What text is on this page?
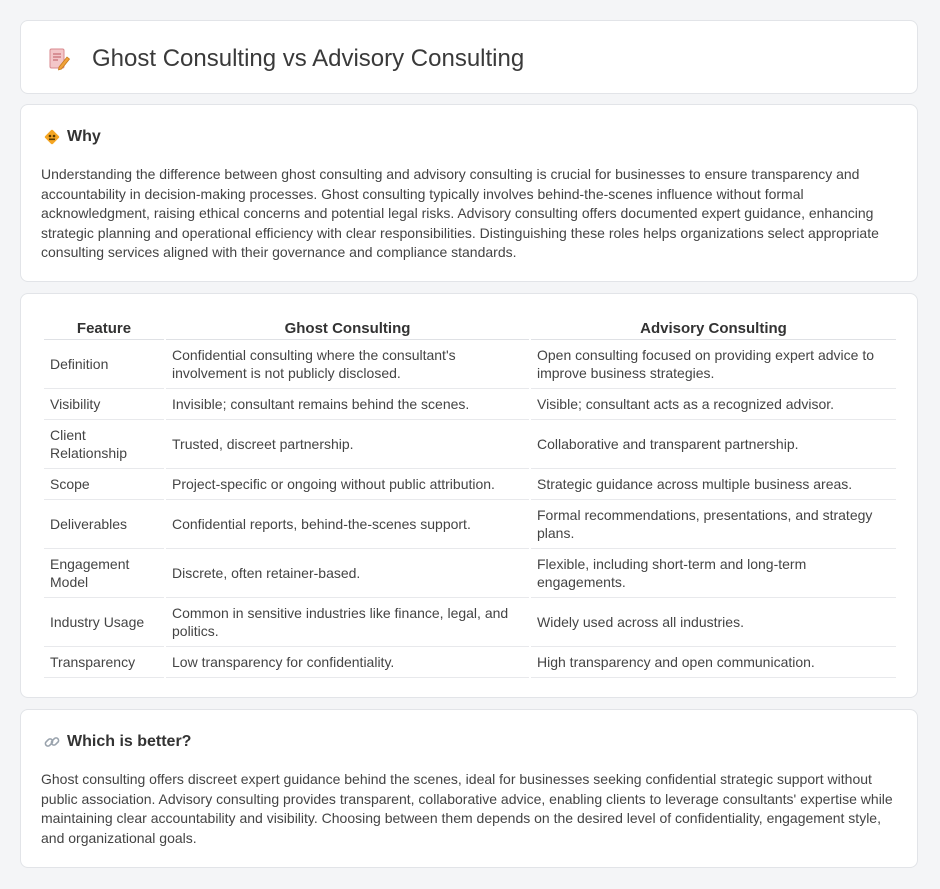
Ghost Consulting vs Advisory Consulting
Why

Understanding the difference between ghost consulting and advisory consulting is crucial for businesses to ensure transparency and accountability in decision-making processes. Ghost consulting typically involves behind-the-scenes influence without formal acknowledgment, raising ethical concerns and potential legal risks. Advisory consulting offers documented expert guidance, enhancing strategic planning and operational efficiency with clear responsibilities. Distinguishing these roles helps organizations select appropriate consulting services aligned with their governance and compliance standards.

Feature	Ghost Consulting	Advisory Consulting
Definition	Confidential consulting where the consultant's involvement is not publicly disclosed.	Open consulting focused on providing expert advice to improve business strategies.
Visibility	Invisible; consultant remains behind the scenes.	Visible; consultant acts as a recognized advisor.
Client Relationship	Trusted, discreet partnership.	Collaborative and transparent partnership.
Scope	Project-specific or ongoing without public attribution.	Strategic guidance across multiple business areas.
Deliverables	Confidential reports, behind-the-scenes support.	Formal recommendations, presentations, and strategy plans.
Engagement Model	Discrete, often retainer-based.	Flexible, including short-term and long-term engagements.
Industry Usage	Common in sensitive industries like finance, legal, and politics.	Widely used across all industries.
Transparency	Low transparency for confidentiality.	High transparency and open communication.
Which is better?

Ghost consulting offers discreet expert guidance behind the scenes, ideal for businesses seeking confidential strategic support without public association. Advisory consulting provides transparent, collaborative advice, enabling clients to leverage consultants' expertise while maintaining clear accountability and visibility. Choosing between them depends on the desired level of confidentiality, engagement style, and organizational goals.
